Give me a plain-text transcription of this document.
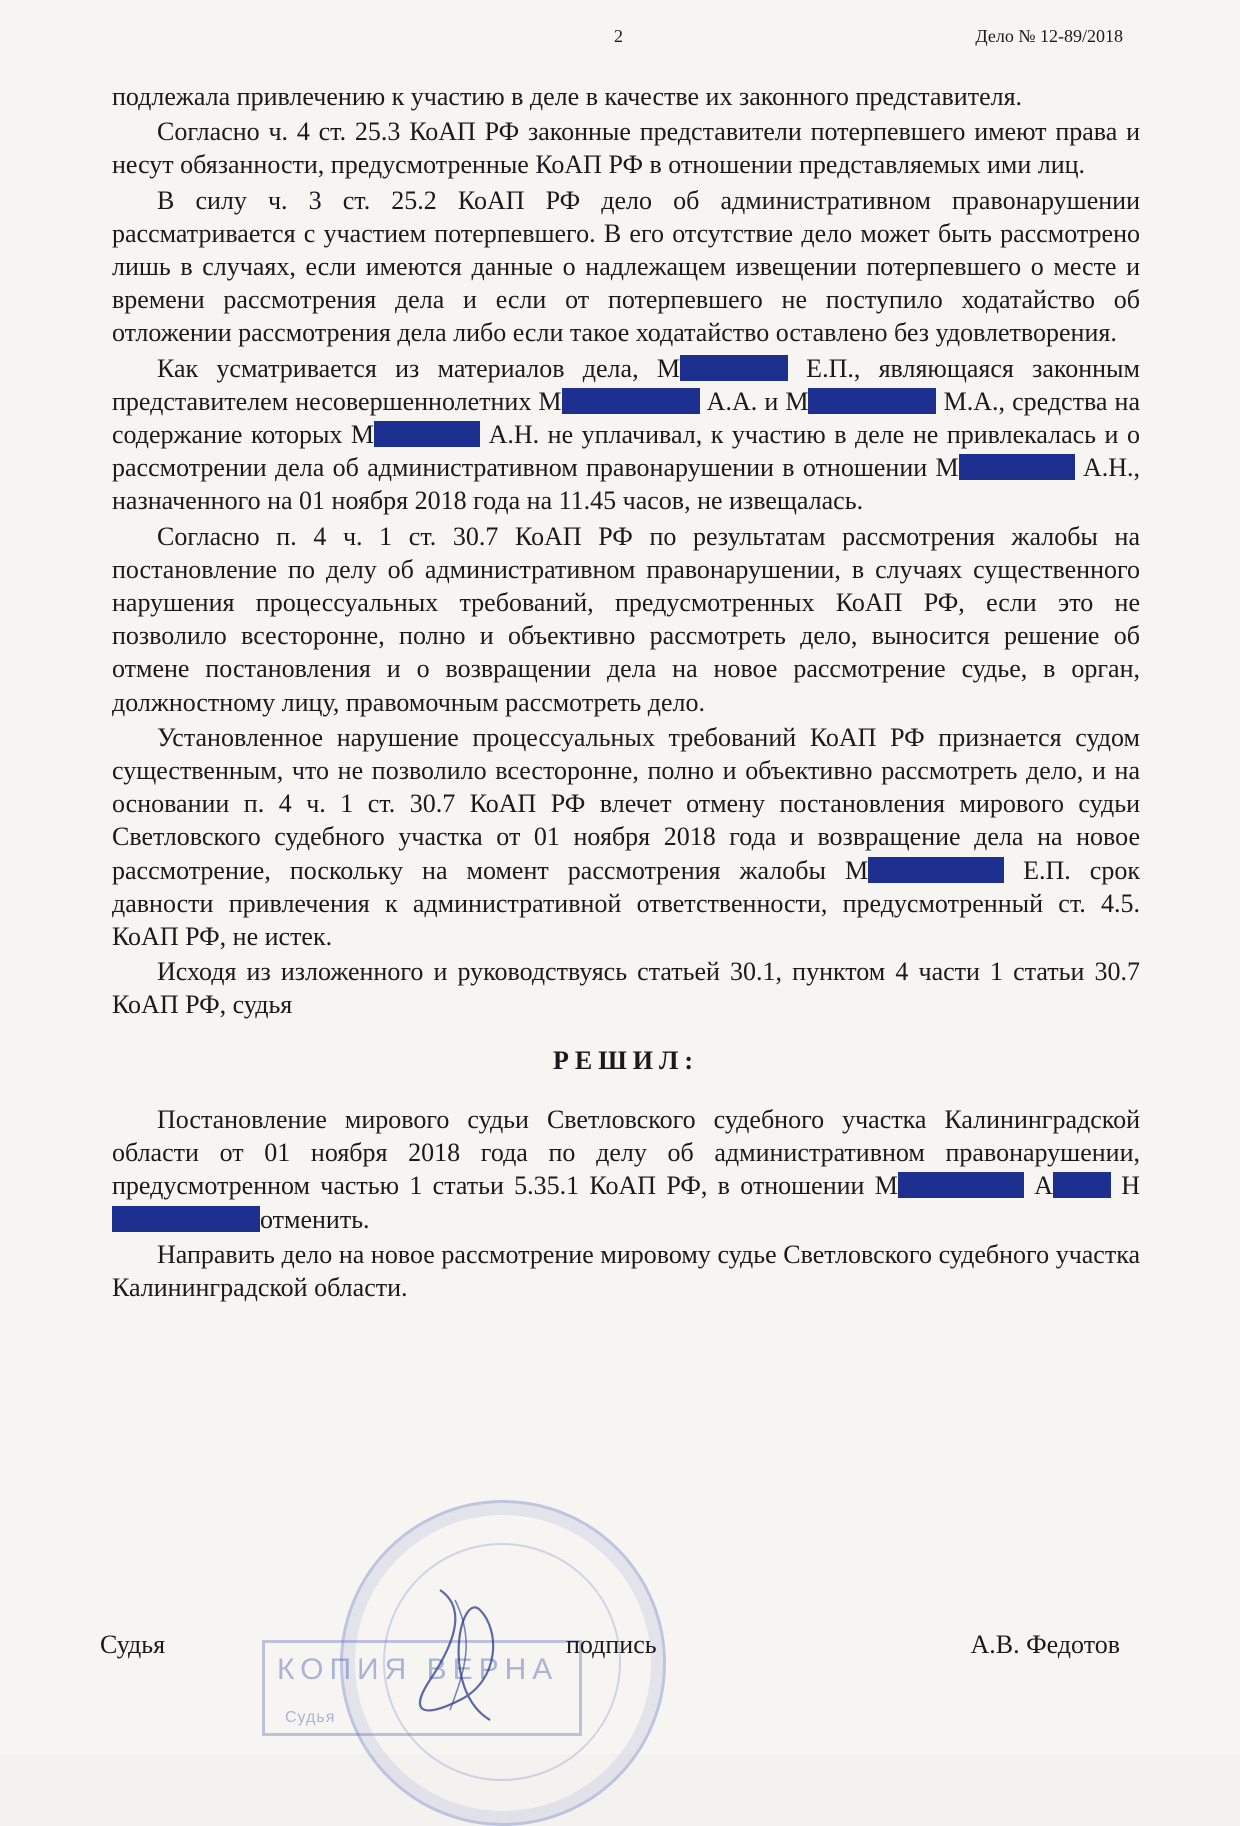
2	Дело № 12-89/2018
КОПИЯ ВЕРНА
Судья

подлежала привлечению к участию в деле в качестве их законного представителя.

Согласно ч. 4 ст. 25.3 КоАП РФ законные представители потерпевшего имеют права и несут обязанности, предусмотренные КоАП РФ в отношении представляемых ими лиц.

В силу ч. 3 ст. 25.2 КоАП РФ дело об административном правонарушении рассматривается с участием потерпевшего. В его отсутствие дело может быть рассмотрено лишь в случаях, если имеются данные о надлежащем извещении потерпевшего о месте и времени рассмотрения дела и если от потерпевшего не поступило ходатайство об отложении рассмотрения дела либо если такое ходатайство оставлено без удовлетворения.

Как усматривается из материалов дела, М	Е.П., являющаяся законным представителем несовершеннолетних М	А.А. и М	М.А., средства на содержание которых М	А.Н. не уплачивал, к участию в деле не привлекалась и о рассмотрении дела об административном правонарушении в отношении М	А.Н., назначенного на 01 ноября 2018 года на 11.45 часов, не извещалась.

Согласно п. 4 ч. 1 ст. 30.7 КоАП РФ по результатам рассмотрения жалобы на постановление по делу об административном правонарушении, в случаях существенного нарушения процессуальных требований, предусмотренных КоАП РФ, если это не позволило всесторонне, полно и объективно рассмотреть дело, выносится решение об отмене постановления и о возвращении дела на новое рассмотрение судье, в орган, должностному лицу, правомочным рассмотреть дело.

Установленное нарушение процессуальных требований КоАП РФ признается судом существенным, что не позволило всесторонне, полно и объективно рассмотреть дело, и на основании п. 4 ч. 1 ст. 30.7 КоАП РФ влечет отмену постановления мирового судьи Светловского судебного участка от 01 ноября 2018 года и возвращение дела на новое рассмотрение, поскольку на момент рассмотрения жалобы М	Е.П. срок давности привлечения к административной ответственности, предусмотренный ст. 4.5. КоАП РФ, не истек.

Исходя из изложенного и руководствуясь статьей 30.1, пунктом 4 части 1 статьи 30.7 КоАП РФ, судья

РЕШИЛ:

Постановление мирового судьи Светловского судебного участка Калининградской области от 01 ноября 2018 года по делу об административном правонарушении, предусмотренном частью 1 статьи 5.35.1 КоАП РФ, в отношении М	А Нотменить.

Направить дело на новое рассмотрение мировому судье Светловского судебного участка Калининградской области.

Судья	подпись	А.В. Федотов
